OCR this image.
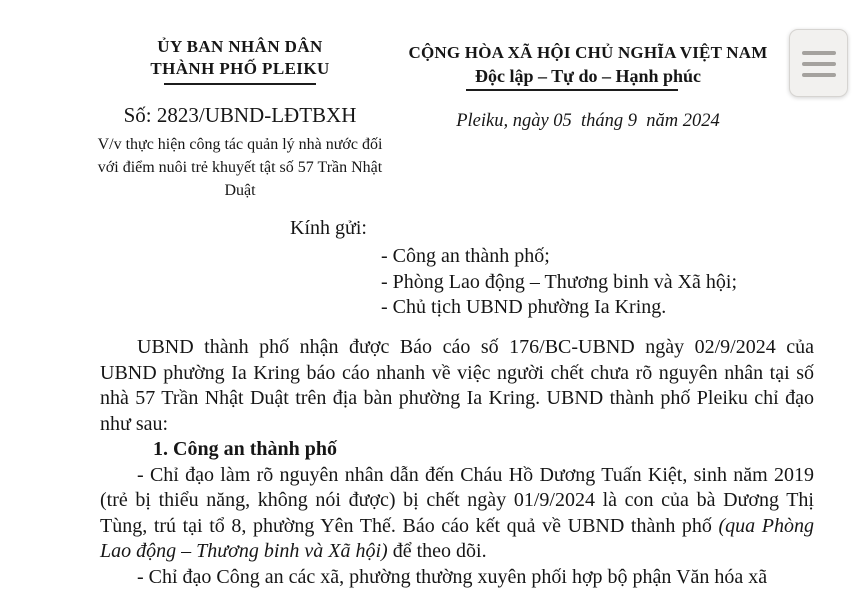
ỦY BAN NHÂN DÂN
THÀNH PHỐ PLEIKU
Số: 2823/UBND-LĐTBXH
V/v thực hiện công tác quản lý nhà nước đối với điểm nuôi trẻ khuyết tật số 57 Trần Nhật Duật
CỘNG HÒA XÃ HỘI CHỦ NGHĨA VIỆT NAM
Độc lập – Tự do – Hạnh phúc
Pleiku, ngày 05  tháng 9  năm 2024
Kính gửi:
- Công an thành phố;
- Phòng Lao động – Thương binh và Xã hội;
- Chủ tịch UBND phường Ia Kring.

UBND thành phố nhận được Báo cáo số 176/BC-UBND ngày 02/9/2024 của UBND phường Ia Kring báo cáo nhanh về việc người chết chưa rõ nguyên nhân tại số nhà 57 Trần Nhật Duật trên địa bàn phường Ia Kring. UBND thành phố Pleiku chỉ đạo như sau:

1. Công an thành phố

- Chỉ đạo làm rõ nguyên nhân dẫn đến Cháu Hồ Dương Tuấn Kiệt, sinh năm 2019 (trẻ bị thiểu năng, không nói được) bị chết ngày 01/9/2024 là con của bà Dương Thị Tùng, trú tại tổ 8, phường Yên Thế. Báo cáo kết quả về UBND thành phố (qua Phòng Lao động – Thương binh và Xã hội) để theo dõi.

- Chỉ đạo Công an các xã, phường thường xuyên phối hợp bộ phận Văn hóa xã
